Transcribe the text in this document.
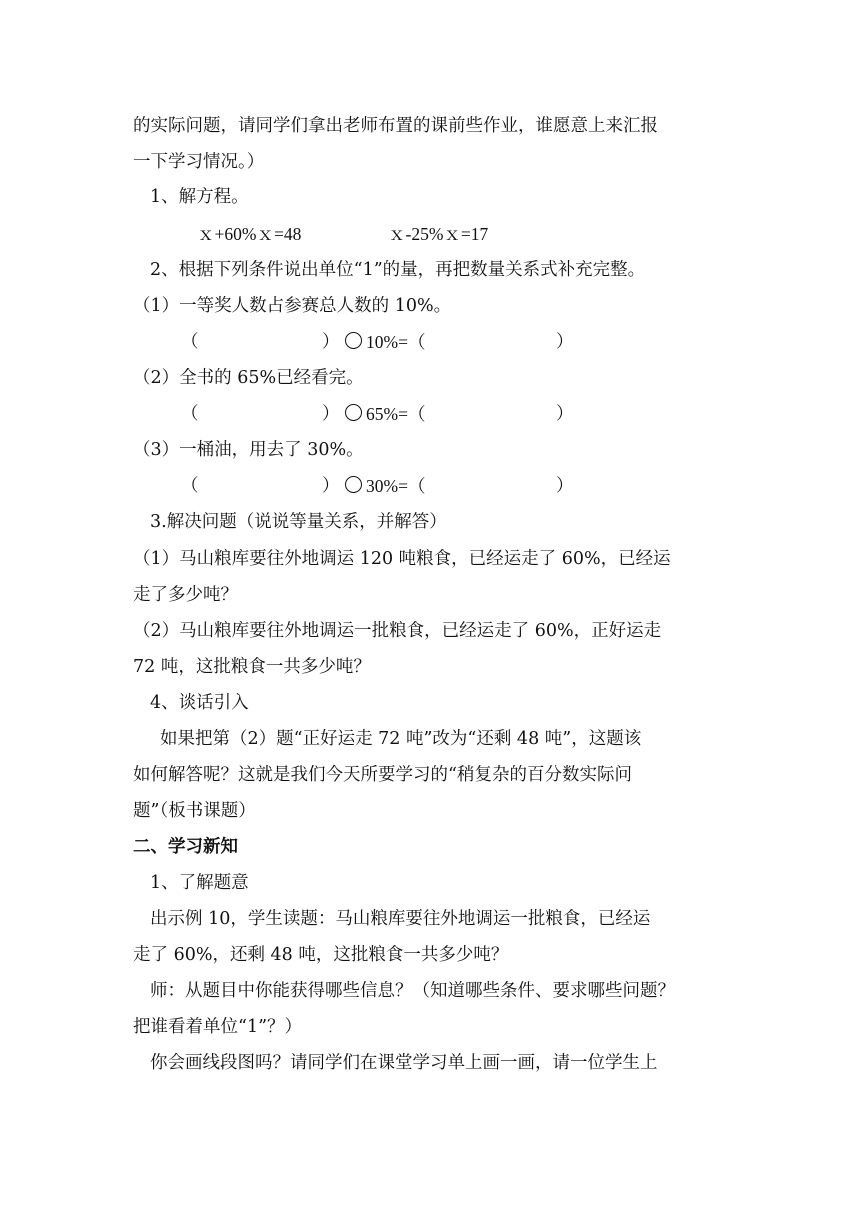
的实际问题，请同学们拿出老师布置的课前些作业，谁愿意上来汇报
一下学习情况。）
1、解方程。
ｘ+60%ｘ=48	ｘ-25%ｘ=17
2、根据下列条件说出单位“1”的量，再把数量关系式补充完整。
（1）一等奖人数占参赛总人数的 10%。
（	） 10%=（	）
（2）全书的 65%已经看完。
（	） 65%=（	）
（3）一桶油，用去了 30%。
（	） 30%=（	）
3.解决问题（说说等量关系，并解答）
（1）马山粮库要往外地调运 120 吨粮食，已经运走了 60%，已经运
走了多少吨？
（2）马山粮库要往外地调运一批粮食，已经运走了 60%，正好运走
72 吨，这批粮食一共多少吨？
4、谈话引入
如果把第（2）题“正好运走 72 吨”改为“还剩 48 吨”，这题该
如何解答呢？这就是我们今天所要学习的“稍复杂的百分数实际问
题”（板书课题）
二、学习新知
1、了解题意
出示例 10，学生读题：马山粮库要往外地调运一批粮食，已经运
走了 60%，还剩 48 吨，这批粮食一共多少吨？
师：从题目中你能获得哪些信息？（知道哪些条件、要求哪些问题？
把谁看着单位“1”？）
你会画线段图吗？请同学们在课堂学习单上画一画，请一位学生上
